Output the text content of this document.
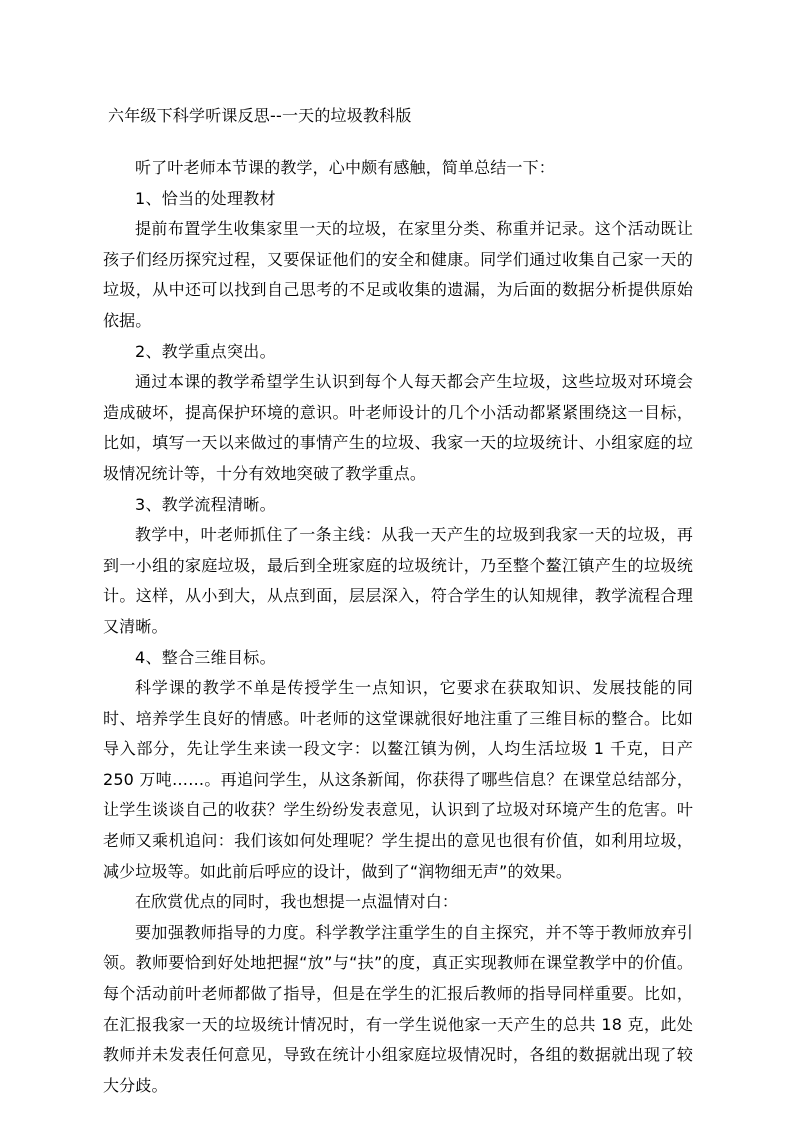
六年级下科学听课反思--一天的垃圾教科版

听了叶老师本节课的教学，心中颇有感触，简单总结一下：

1、恰当的处理教材

提前布置学生收集家里一天的垃圾，在家里分类、称重并记录。这个活动既让孩子们经历探究过程，又要保证他们的安全和健康。同学们通过收集自己家一天的垃圾，从中还可以找到自己思考的不足或收集的遗漏，为后面的数据分析提供原始依据。

2、教学重点突出。

通过本课的教学希望学生认识到每个人每天都会产生垃圾，这些垃圾对环境会造成破坏，提高保护环境的意识。叶老师设计的几个小活动都紧紧围绕这一目标，比如，填写一天以来做过的事情产生的垃圾、我家一天的垃圾统计、小组家庭的垃圾情况统计等，十分有效地突破了教学重点。

3、教学流程清晰。

教学中，叶老师抓住了一条主线：从我一天产生的垃圾到我家一天的垃圾，再到一小组的家庭垃圾，最后到全班家庭的垃圾统计，乃至整个鳌江镇产生的垃圾统计。这样，从小到大，从点到面，层层深入，符合学生的认知规律，教学流程合理又清晰。

4、整合三维目标。

科学课的教学不单是传授学生一点知识，它要求在获取知识、发展技能的同时、培养学生良好的情感。叶老师的这堂课就很好地注重了三维目标的整合。比如导入部分，先让学生来读一段文字：以鳌江镇为例，人均生活垃圾 1 千克，日产 250 万吨……。再追问学生，从这条新闻，你获得了哪些信息？在课堂总结部分，让学生谈谈自己的收获？学生纷纷发表意见，认识到了垃圾对环境产生的危害。叶老师又乘机追问：我们该如何处理呢？学生提出的意见也很有价值，如利用垃圾，减少垃圾等。如此前后呼应的设计，做到了“润物细无声”的效果。

在欣赏优点的同时，我也想提一点温情对白：

要加强教师指导的力度。科学教学注重学生的自主探究，并不等于教师放弃引领。教师要恰到好处地把握“放”与“扶”的度，真正实现教师在课堂教学中的价值。每个活动前叶老师都做了指导，但是在学生的汇报后教师的指导同样重要。比如，在汇报我家一天的垃圾统计情况时，有一学生说他家一天产生的总共 18 克，此处教师并未发表任何意见，导致在统计小组家庭垃圾情况时，各组的数据就出现了较大分歧。
